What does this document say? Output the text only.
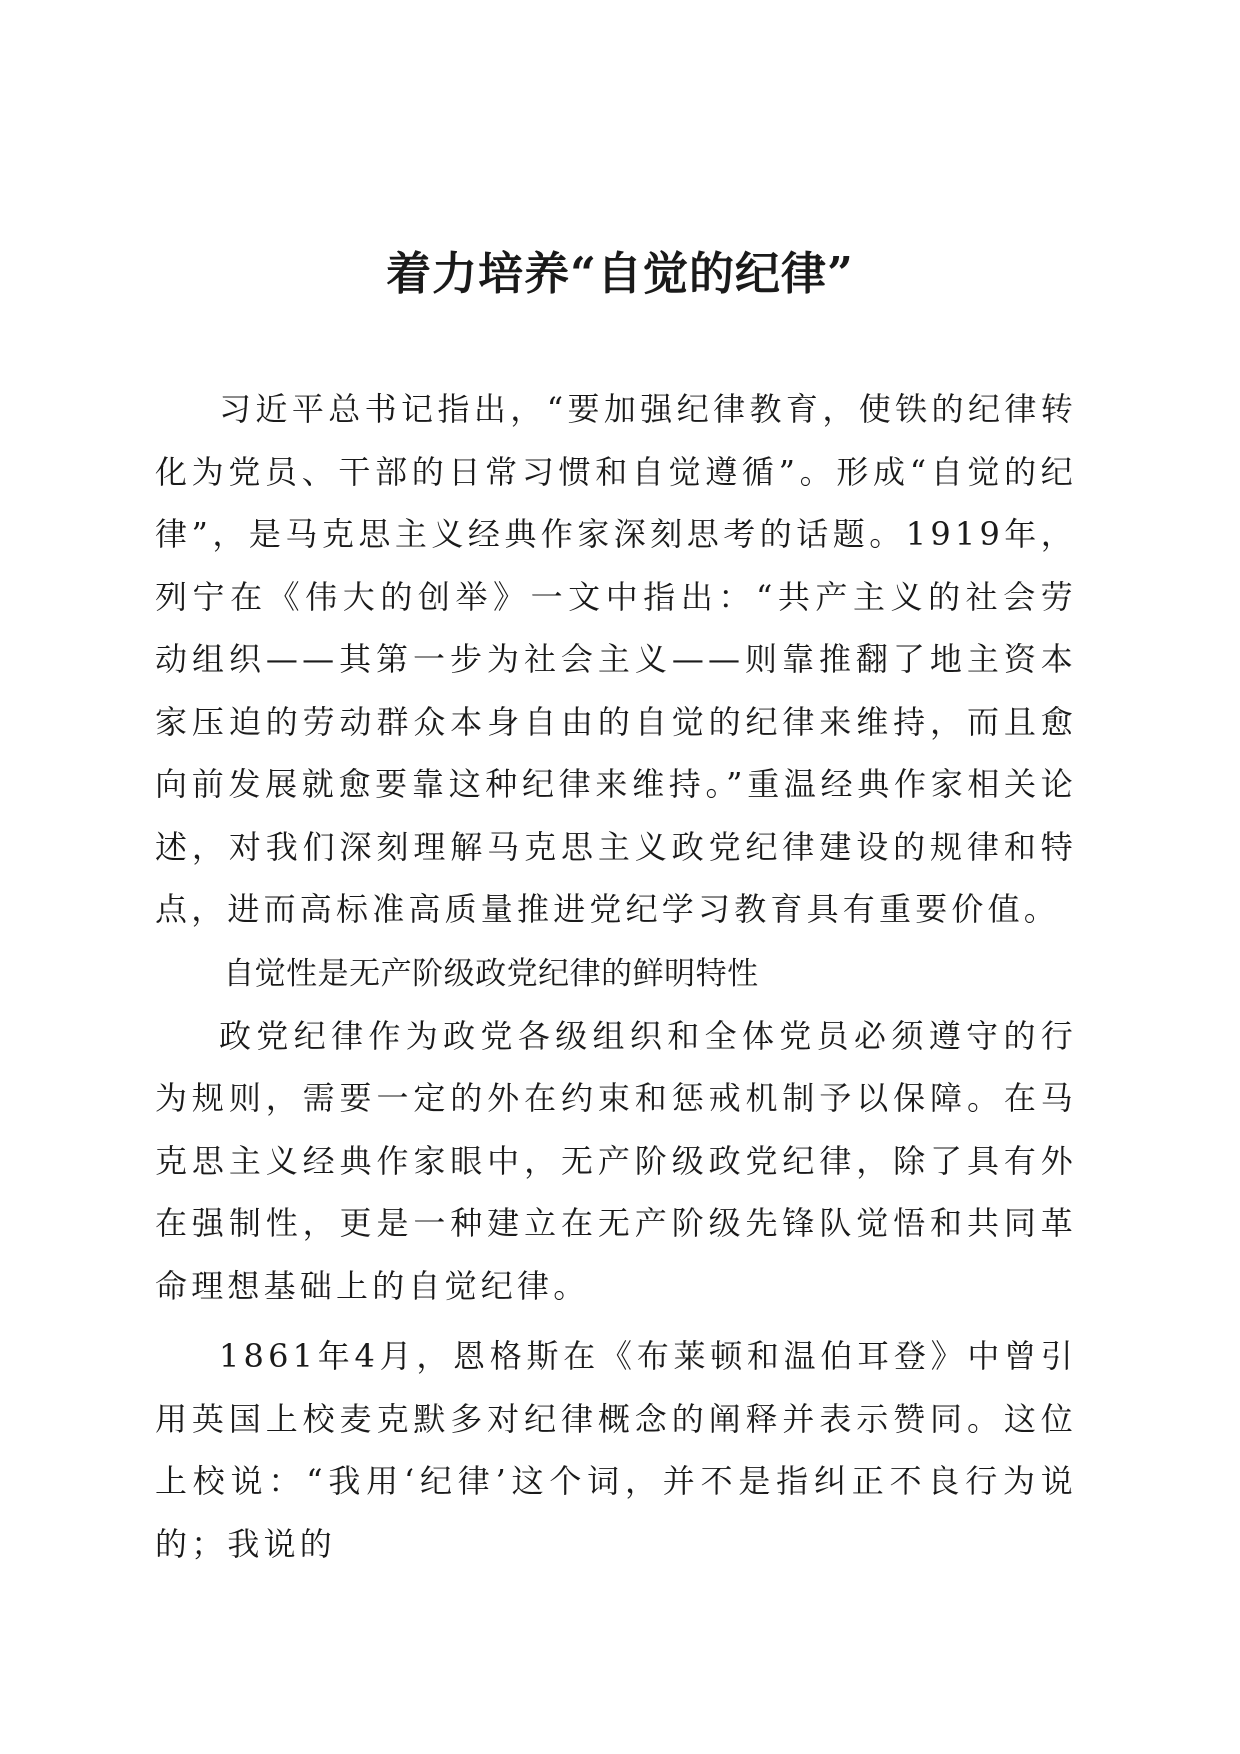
着力培养“自觉的纪律”

习近平总书记指出，“要加强纪律教育，使铁的纪律转化为党员、干部的日常习惯和自觉遵循”。形成“自觉的纪律”，是马克思主义经典作家深刻思考的话题。1919年，列宁在《伟大的创举》一文中指出：“共产主义的社会劳动组织——其第一步为社会主义——则靠推翻了地主资本家压迫的劳动群众本身自由的自觉的纪律来维持，而且愈向前发展就愈要靠这种纪律来维持。”重温经典作家相关论述，对我们深刻理解马克思主义政党纪律建设的规律和特点，进而高标准高质量推进党纪学习教育具有重要价值。

自觉性是无产阶级政党纪律的鲜明特性

政党纪律作为政党各级组织和全体党员必须遵守的行为规则，需要一定的外在约束和惩戒机制予以保障。在马克思主义经典作家眼中，无产阶级政党纪律，除了具有外在强制性，更是一种建立在无产阶级先锋队觉悟和共同革命理想基础上的自觉纪律。

1861年4月，恩格斯在《布莱顿和温伯耳登》中曾引用英国上校麦克默多对纪律概念的阐释并表示赞同。这位上校说：“我用‘纪律’这个词，并不是指纠正不良行为说的；我说的
